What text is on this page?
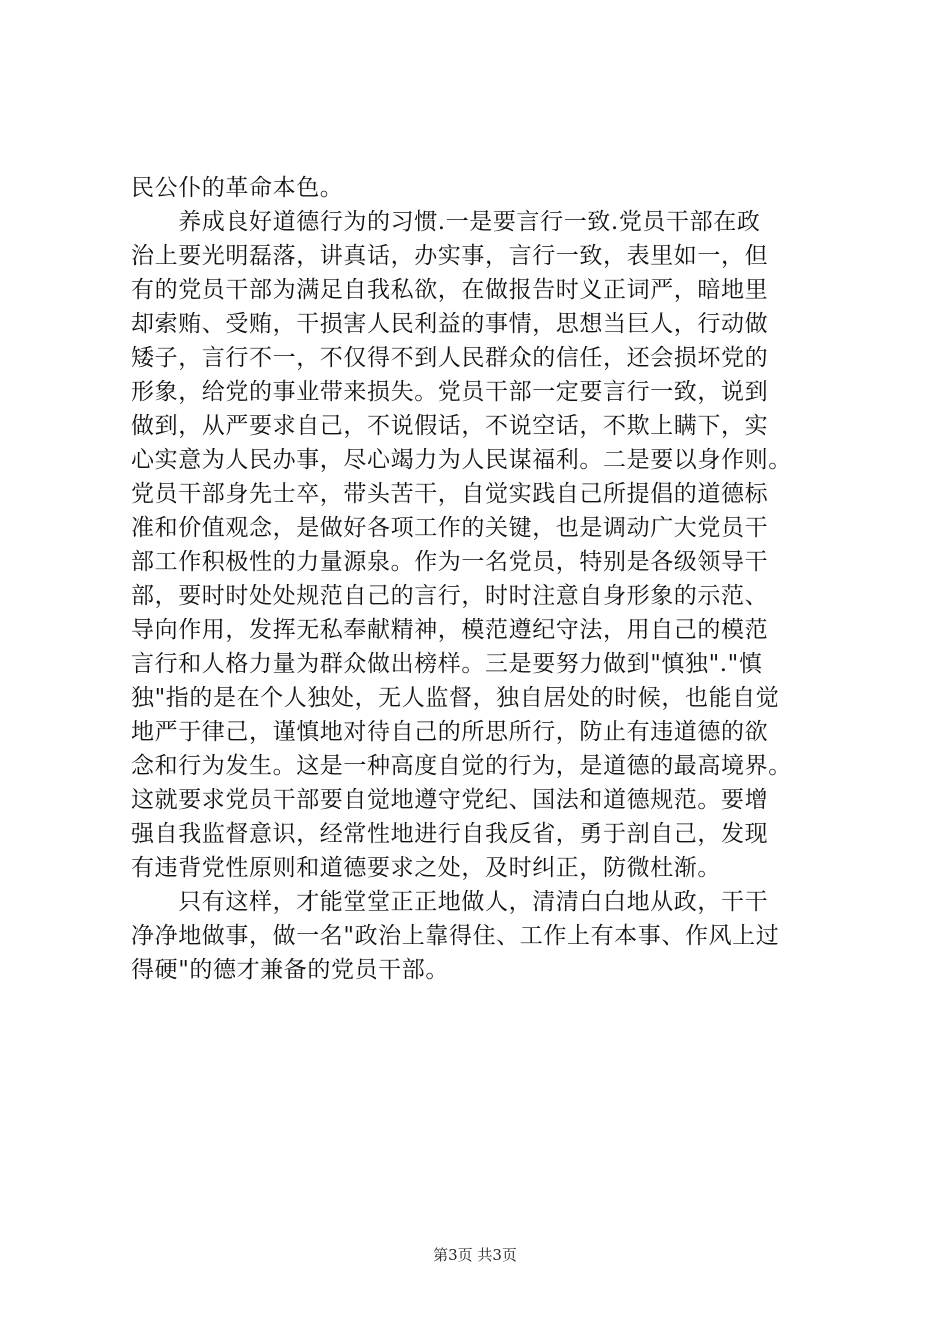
民公仆的革命本色。
　　养成良好道德行为的习惯.一是要言行一致.党员干部在政
治上要光明磊落，讲真话，办实事，言行一致，表里如一，但
有的党员干部为满足自我私欲，在做报告时义正词严，暗地里
却索贿、受贿，干损害人民利益的事情，思想当巨人，行动做
矮子，言行不一，不仅得不到人民群众的信任，还会损坏党的
形象，给党的事业带来损失。党员干部一定要言行一致，说到
做到，从严要求自己，不说假话，不说空话，不欺上瞒下，实
心实意为人民办事，尽心竭力为人民谋福利。二是要以身作则。
党员干部身先士卒，带头苦干，自觉实践自己所提倡的道德标
准和价值观念，是做好各项工作的关键，也是调动广大党员干
部工作积极性的力量源泉。作为一名党员，特别是各级领导干
部，要时时处处规范自己的言行，时时注意自身形象的示范、
导向作用，发挥无私奉献精神，模范遵纪守法，用自己的模范
言行和人格力量为群众做出榜样。三是要努力做到"慎独"."慎
独"指的是在个人独处，无人监督，独自居处的时候，也能自觉
地严于律己，谨慎地对待自己的所思所行，防止有违道德的欲
念和行为发生。这是一种高度自觉的行为，是道德的最高境界。
这就要求党员干部要自觉地遵守党纪、国法和道德规范。要增
强自我监督意识，经常性地进行自我反省，勇于剖自己，发现
有违背党性原则和道德要求之处，及时纠正，防微杜渐。
　　只有这样，才能堂堂正正地做人，清清白白地从政，干干
净净地做事，做一名"政治上靠得住、工作上有本事、作风上过
得硬"的德才兼备的党员干部。
第3页 共3页
